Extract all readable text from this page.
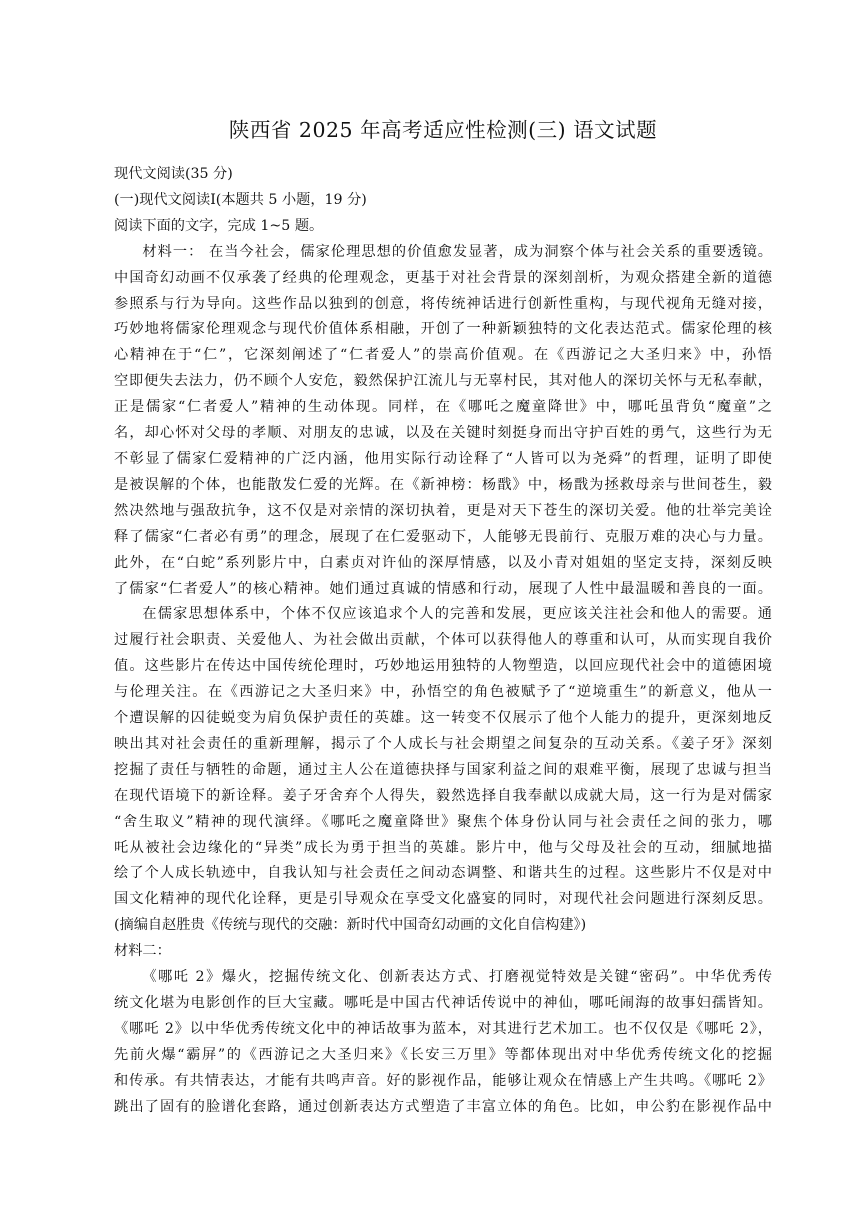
陕西省 2025 年高考适应性检测(三) 语文试题

现代文阅读(35 分)

(一)现代文阅读Ⅰ(本题共 5 小题，19 分)

阅读下面的文字，完成 1~5 题。

材料一： 在当今社会，儒家伦理思想的价值愈发显著，成为洞察个体与社会关系的重要透镜。
中国奇幻动画不仅承袭了经典的伦理观念，更基于对社会背景的深刻剖析，为观众搭建全新的道德
参照系与行为导向。这些作品以独到的创意，将传统神话进行创新性重构，与现代视角无缝对接，
巧妙地将儒家伦理观念与现代价值体系相融，开创了一种新颖独特的文化表达范式。儒家伦理的核
心精神在于“仁”，它深刻阐述了“仁者爱人”的崇高价值观。在《西游记之大圣归来》中，孙悟
空即便失去法力，仍不顾个人安危，毅然保护江流儿与无辜村民，其对他人的深切关怀与无私奉献，
正是儒家“仁者爱人”精神的生动体现。同样，在《哪吒之魔童降世》中，哪吒虽背负“魔童”之
名，却心怀对父母的孝顺、对朋友的忠诚，以及在关键时刻挺身而出守护百姓的勇气，这些行为无
不彰显了儒家仁爱精神的广泛内涵，他用实际行动诠释了“人皆可以为尧舜”的哲理，证明了即使
是被误解的个体，也能散发仁爱的光辉。在《新神榜：杨戬》中，杨戬为拯救母亲与世间苍生，毅
然决然地与强敌抗争，这不仅是对亲情的深切执着，更是对天下苍生的深切关爱。他的壮举完美诠
释了儒家“仁者必有勇”的理念，展现了在仁爱驱动下，人能够无畏前行、克服万难的决心与力量。
此外，在“白蛇”系列影片中，白素贞对许仙的深厚情感，以及小青对姐姐的坚定支持，深刻反映
了儒家“仁者爱人”的核心精神。她们通过真诚的情感和行动，展现了人性中最温暖和善良的一面。
在儒家思想体系中，个体不仅应该追求个人的完善和发展，更应该关注社会和他人的需要。通
过履行社会职责、关爱他人、为社会做出贡献，个体可以获得他人的尊重和认可，从而实现自我价
值。这些影片在传达中国传统伦理时，巧妙地运用独特的人物塑造，以回应现代社会中的道德困境
与伦理关注。在《西游记之大圣归来》中，孙悟空的角色被赋予了“逆境重生”的新意义，他从一
个遭误解的囚徒蜕变为肩负保护责任的英雄。这一转变不仅展示了他个人能力的提升，更深刻地反
映出其对社会责任的重新理解，揭示了个人成长与社会期望之间复杂的互动关系。《姜子牙》深刻
挖掘了责任与牺牲的命题，通过主人公在道德抉择与国家利益之间的艰难平衡，展现了忠诚与担当
在现代语境下的新诠释。姜子牙舍弃个人得失，毅然选择自我奉献以成就大局，这一行为是对儒家
“舍生取义”精神的现代演绎。《哪吒之魔童降世》聚焦个体身份认同与社会责任之间的张力，哪
吒从被社会边缘化的“异类”成长为勇于担当的英雄。影片中，他与父母及社会的互动，细腻地描
绘了个人成长轨迹中，自我认知与社会责任之间动态调整、和谐共生的过程。这些影片不仅是对中
国文化精神的现代化诠释，更是引导观众在享受文化盛宴的同时，对现代社会问题进行深刻反思。

(摘编自赵胜贵《传统与现代的交融：新时代中国奇幻动画的文化自信构建》)

材料二：

《哪吒 2》爆火，挖掘传统文化、创新表达方式、打磨视觉特效是关键“密码”。中华优秀传
统文化堪为电影创作的巨大宝藏。哪吒是中国古代神话传说中的神仙，哪吒闹海的故事妇孺皆知。
《哪吒 2》以中华优秀传统文化中的神话故事为蓝本，对其进行艺术加工。也不仅仅是《哪吒 2》，
先前火爆“霸屏”的《西游记之大圣归来》《长安三万里》等都体现出对中华优秀传统文化的挖掘
和传承。有共情表达，才能有共鸣声音。好的影视作品，能够让观众在情感上产生共鸣。《哪吒 2》
跳出了固有的脸谱化套路，通过创新表达方式塑造了丰富立体的角色。比如，申公豹在影视作品中
